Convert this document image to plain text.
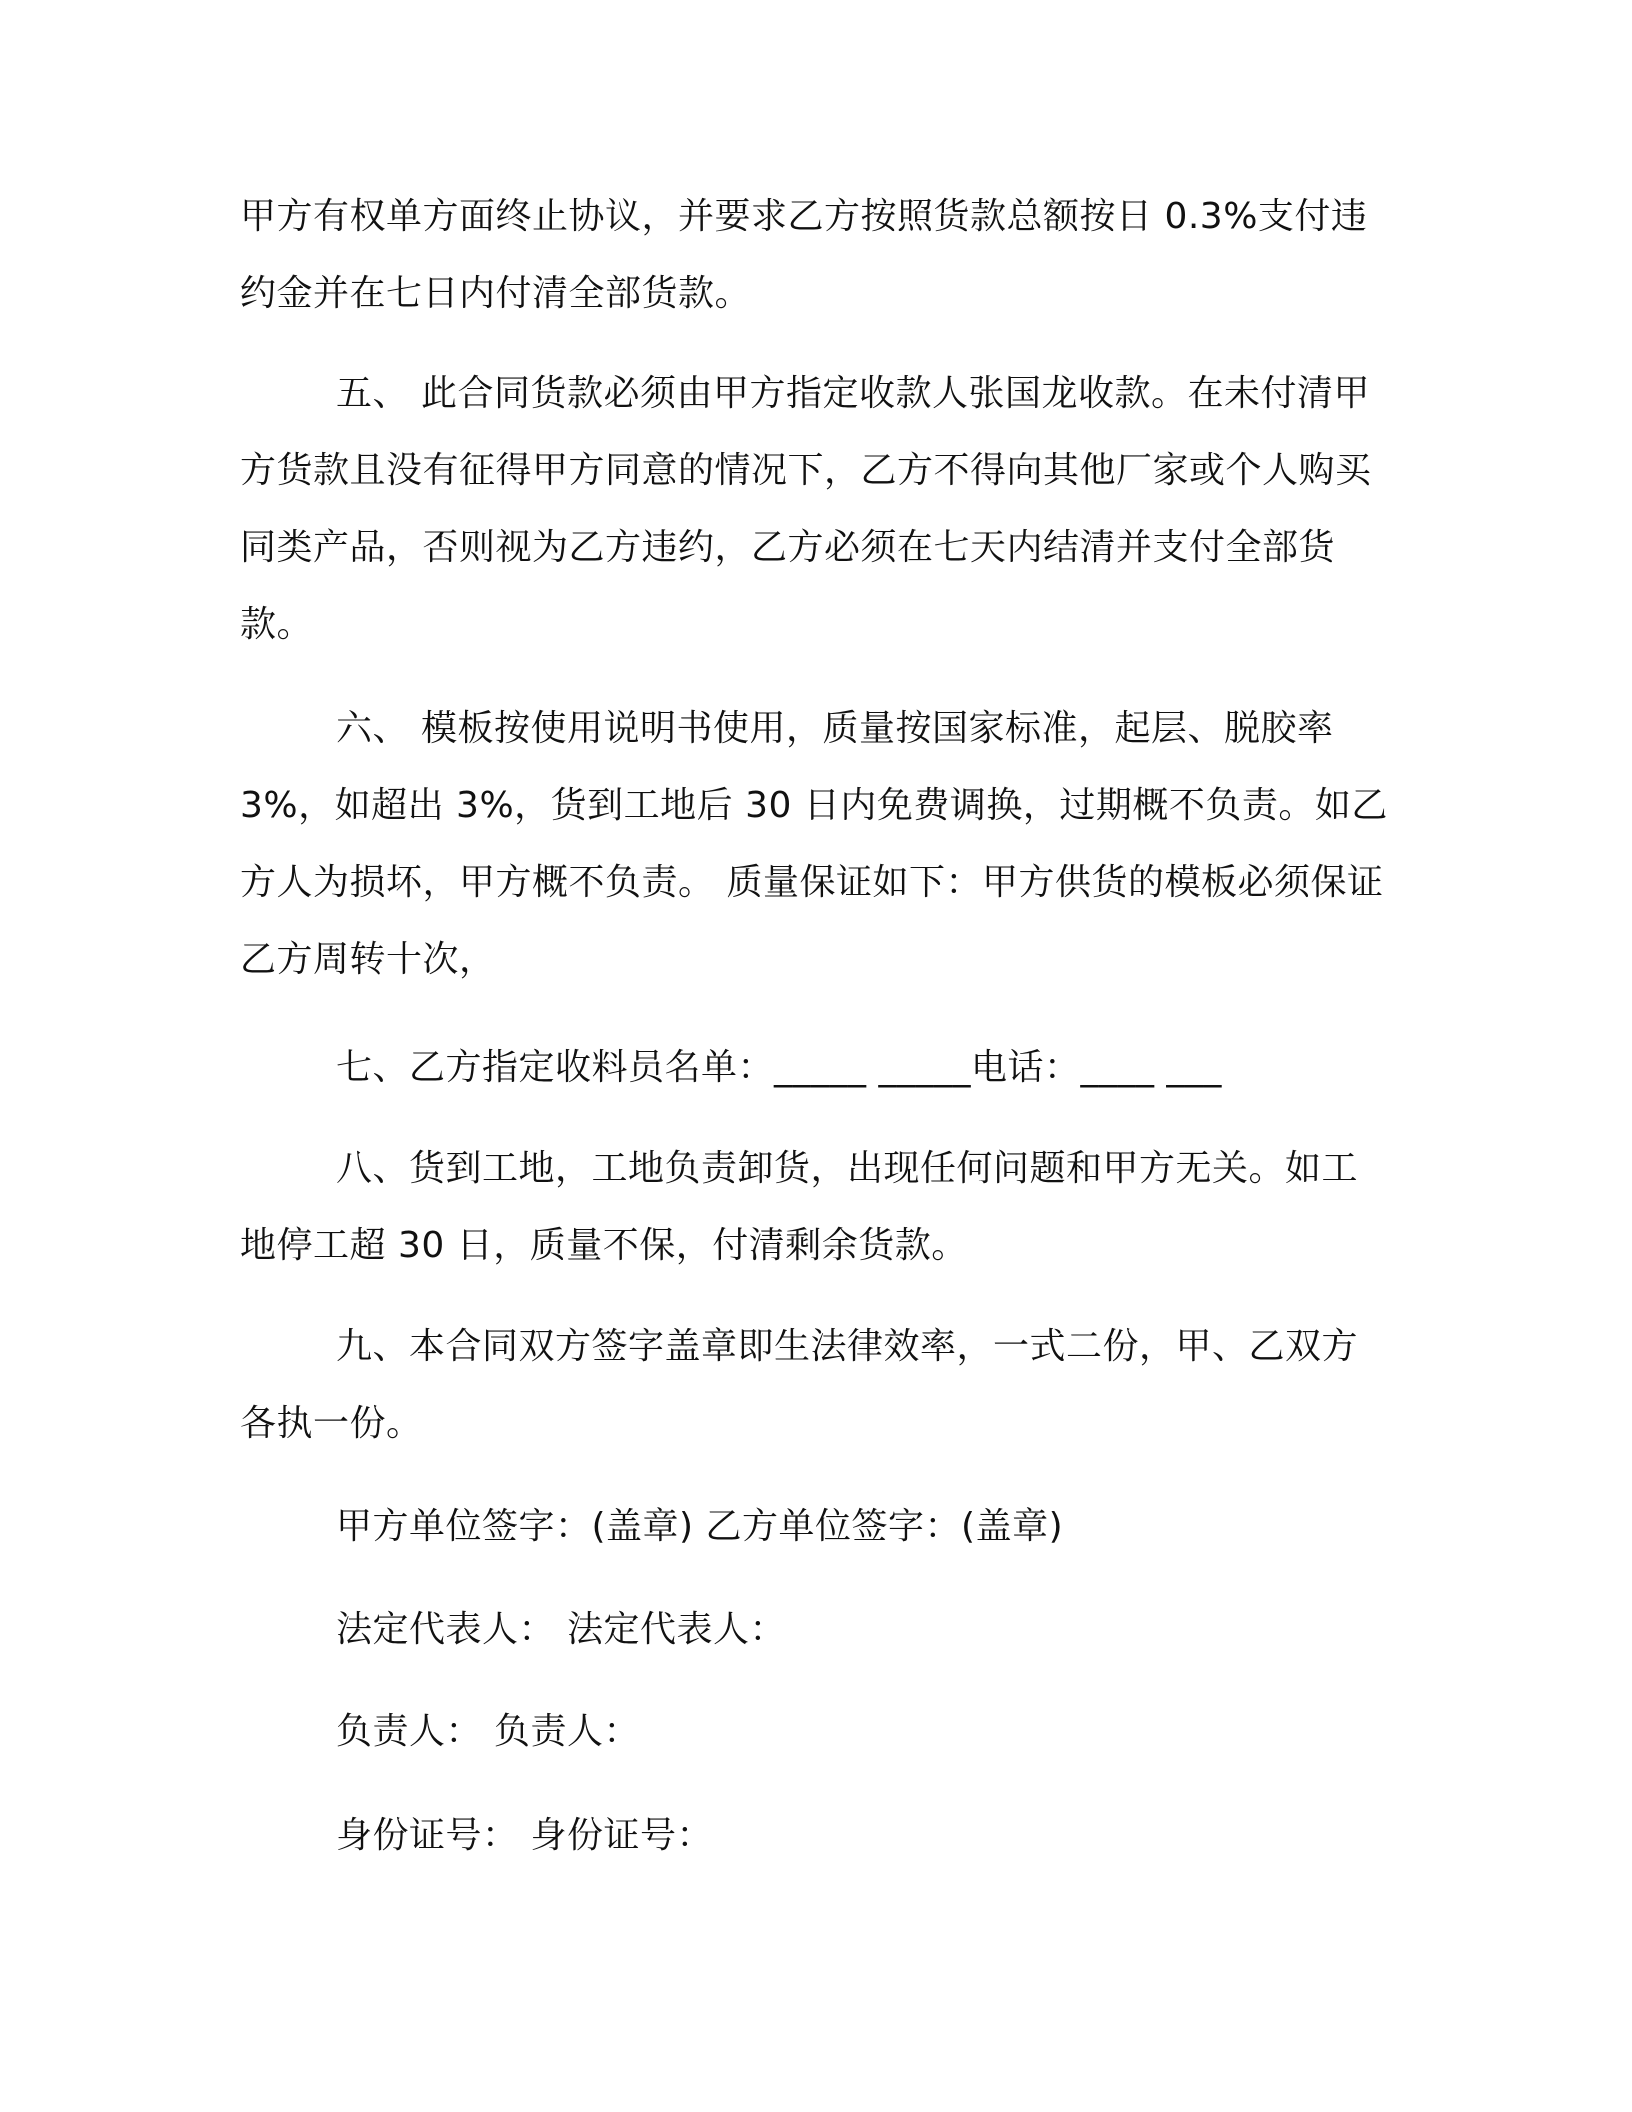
甲方有权单方面终止协议，并要求乙方按照货款总额按日 0.3%支付违约金并在七日内付清全部货款。

五、 此合同货款必须由甲方指定收款人张国龙收款。在未付清甲方货款且没有征得甲方同意的情况下，乙方不得向其他厂家或个人购买同类产品，否则视为乙方违约，乙方必须在七天内结清并支付全部货款。

六、 模板按使用说明书使用，质量按国家标准，起层、脱胶率 3%，如超出 3%，货到工地后 30 日内免费调换，过期概不负责。如乙方人为损坏，甲方概不负责。 质量保证如下：甲方供货的模板必须保证乙方周转十次，

七、乙方指定收料员名单：_____ _____电话：____ ___

八、货到工地，工地负责卸货，出现任何问题和甲方无关。如工地停工超 30 日，质量不保，付清剩余货款。

九、本合同双方签字盖章即生法律效率，一式二份，甲、乙双方各执一份。

甲方单位签字：(盖章) 乙方单位签字：(盖章)

法定代表人： 法定代表人：

负责人： 负责人：

身份证号： 身份证号：
